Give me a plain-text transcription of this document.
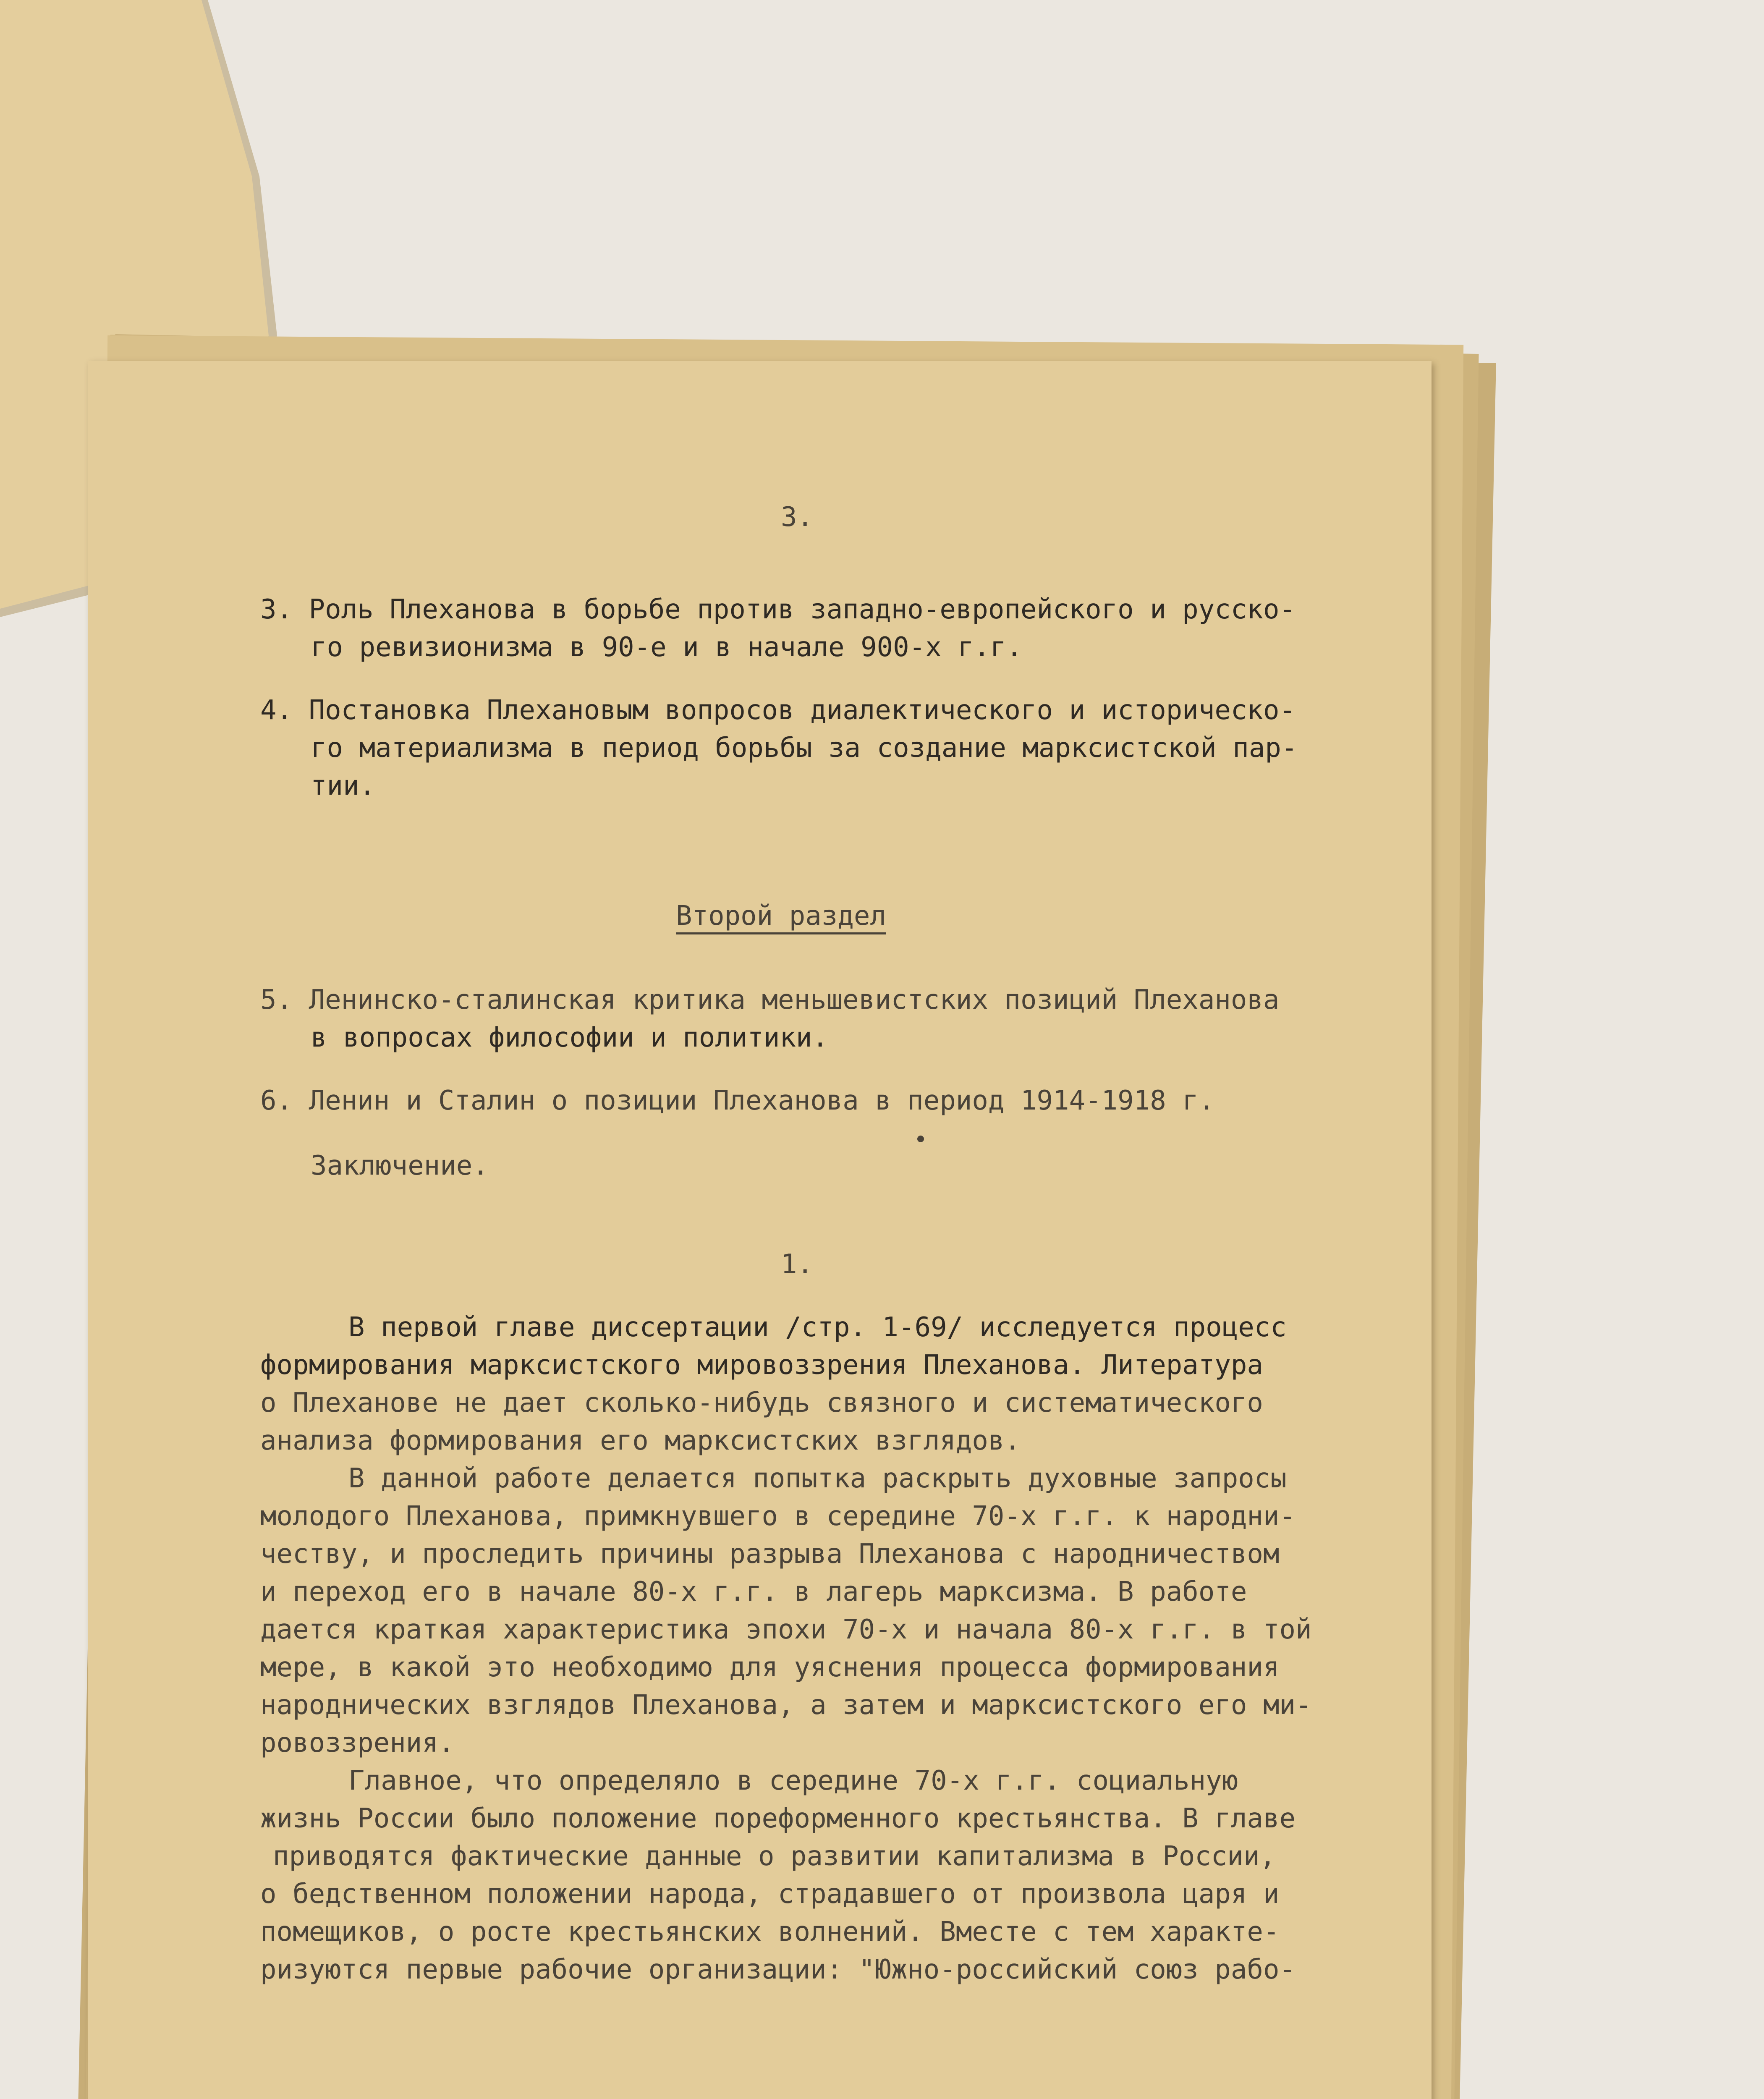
3.
3. Роль Плеханова в борьбе против западно-европейского и русско-
го ревизионизма в 90-е и в начале 900-х г.г.
4. Постановка Плехановым вопросов диалектического и историческо-
го материализма в период борьбы за создание марксистской пар-
тии.
Второй раздел
5. Ленинско-сталинская критика меньшевистских позиций Плеханова
в вопросах философии и политики.
6. Ленин и Сталин о позиции Плеханова в период 1914-1918 г.
Заключение.
1.
В первой главе диссертации /стр. 1-69/ исследуется процесс
формирования марксистского мировоззрения Плеханова. Литература
о Плеханове не дает сколько-нибудь связного и систематического
анализа формирования его марксистских взглядов.
В данной работе делается попытка раскрыть духовные запросы
молодого Плеханова, примкнувшего в середине 70-х г.г. к народни-
честву, и проследить причины разрыва Плеханова с народничеством
и переход его в начале 80-х г.г. в лагерь марксизма. В работе
дается краткая характеристика эпохи 70-х и начала 80-х г.г. в той
мере, в какой это необходимо для уяснения процесса формирования
народнических взглядов Плеханова, а затем и марксистского его ми-
ровоззрения.
Главное, что определяло в середине 70-х г.г. социальную
жизнь России было положение пореформенного крестьянства. В главе
приводятся фактические данные о развитии капитализма в России,
о бедственном положении народа, страдавшего от произвола царя и
помещиков, о росте крестьянских волнений. Вместе с тем характе-
ризуются первые рабочие организации: "Южно-российский союз рабо-
